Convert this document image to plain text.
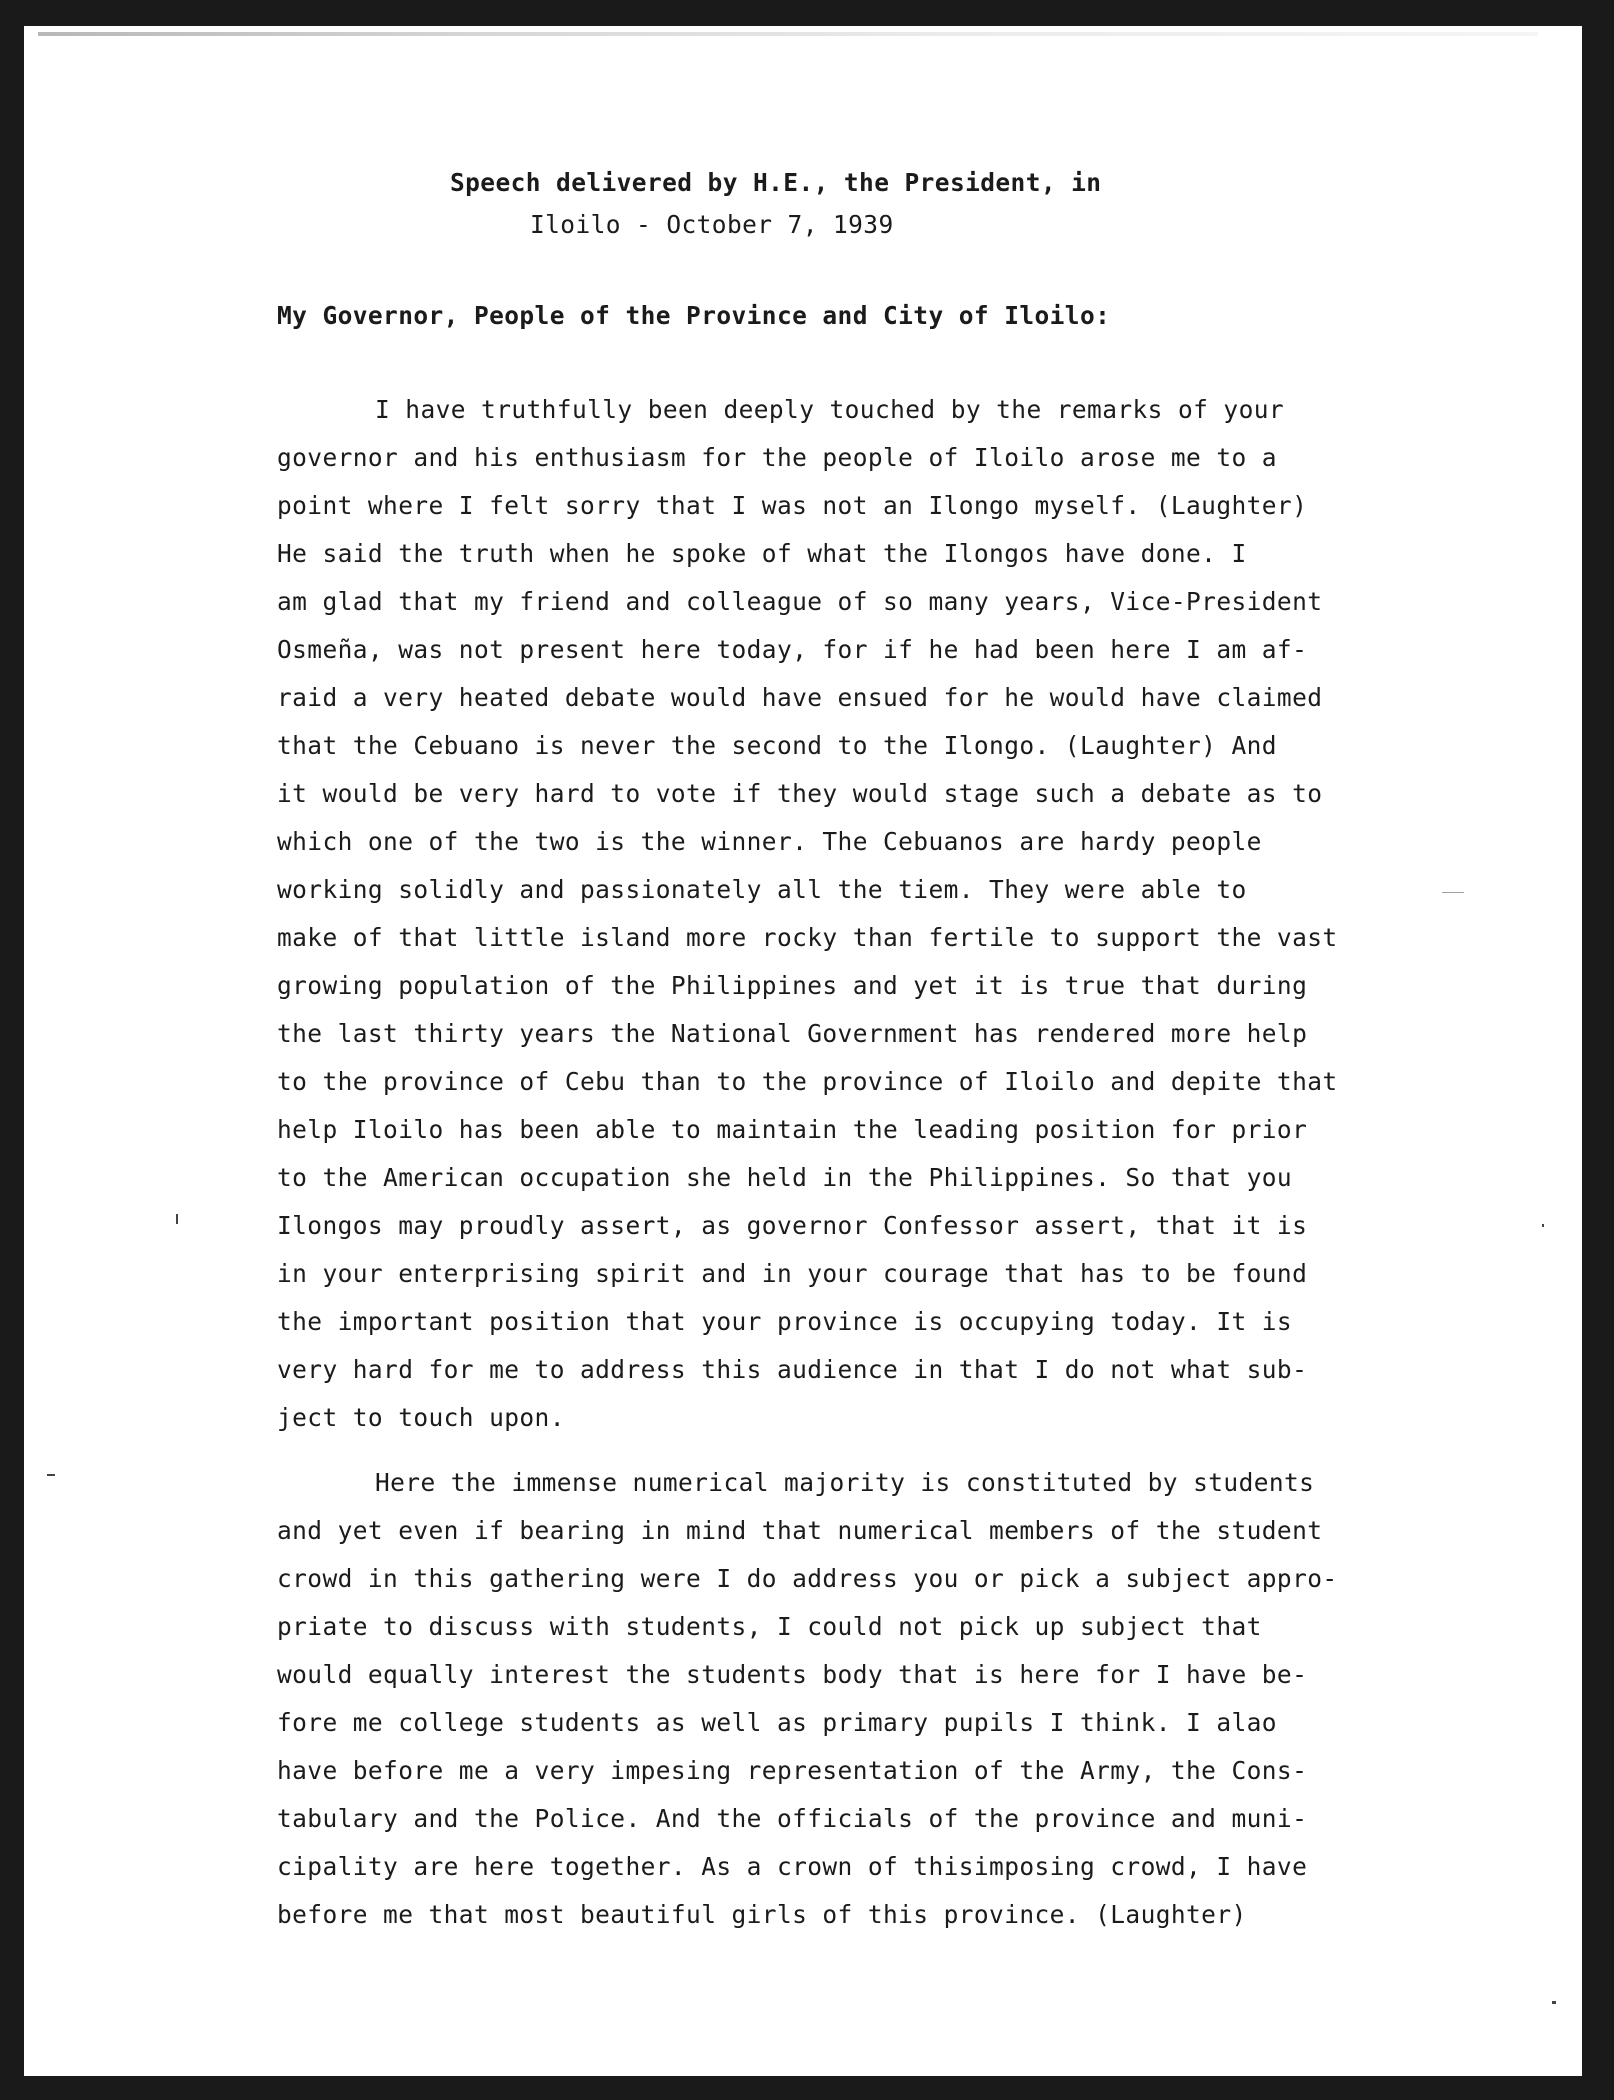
Speech delivered by H.E., the President, in
Iloilo - October 7, 1939
My Governor, People of the Province and City of Iloilo:
I have truthfully been deeply touched by the remarks of your
governor and his enthusiasm for the people of Iloilo arose me to a
point where I felt sorry that I was not an Ilongo myself. (Laughter)
He said the truth when he spoke of what the Ilongos have done. I
am glad that my friend and colleague of so many years, Vice-President
Osmeña, was not present here today, for if he had been here I am af-
raid a very heated debate would have ensued for he would have claimed
that the Cebuano is never the second to the Ilongo. (Laughter) And
it would be very hard to vote if they would stage such a debate as to
which one of the two is the winner. The Cebuanos are hardy people
working solidly and passionately all the tiem. They were able to
make of that little island more rocky than fertile to support the vast
growing population of the Philippines and yet it is true that during
the last thirty years the National Government has rendered more help
to the province of Cebu than to the province of Iloilo and depite that
help Iloilo has been able to maintain the leading position for prior
to the American occupation she held in the Philippines. So that you
Ilongos may proudly assert, as governor Confessor assert, that it is
in your enterprising spirit and in your courage that has to be found
the important position that your province is occupying today. It is
very hard for me to address this audience in that I do not what sub-
ject to touch upon.
Here the immense numerical majority is constituted by students
and yet even if bearing in mind that numerical members of the student
crowd in this gathering were I do address you or pick a subject appro-
priate to discuss with students, I could not pick up subject that
would equally interest the students body that is here for I have be-
fore me college students as well as primary pupils I think. I alao
have before me a very impesing representation of the Army, the Cons-
tabulary and the Police. And the officials of the province and muni-
cipality are here together. As a crown of thisimposing crowd, I have
before me that most beautiful girls of this province. (Laughter)
